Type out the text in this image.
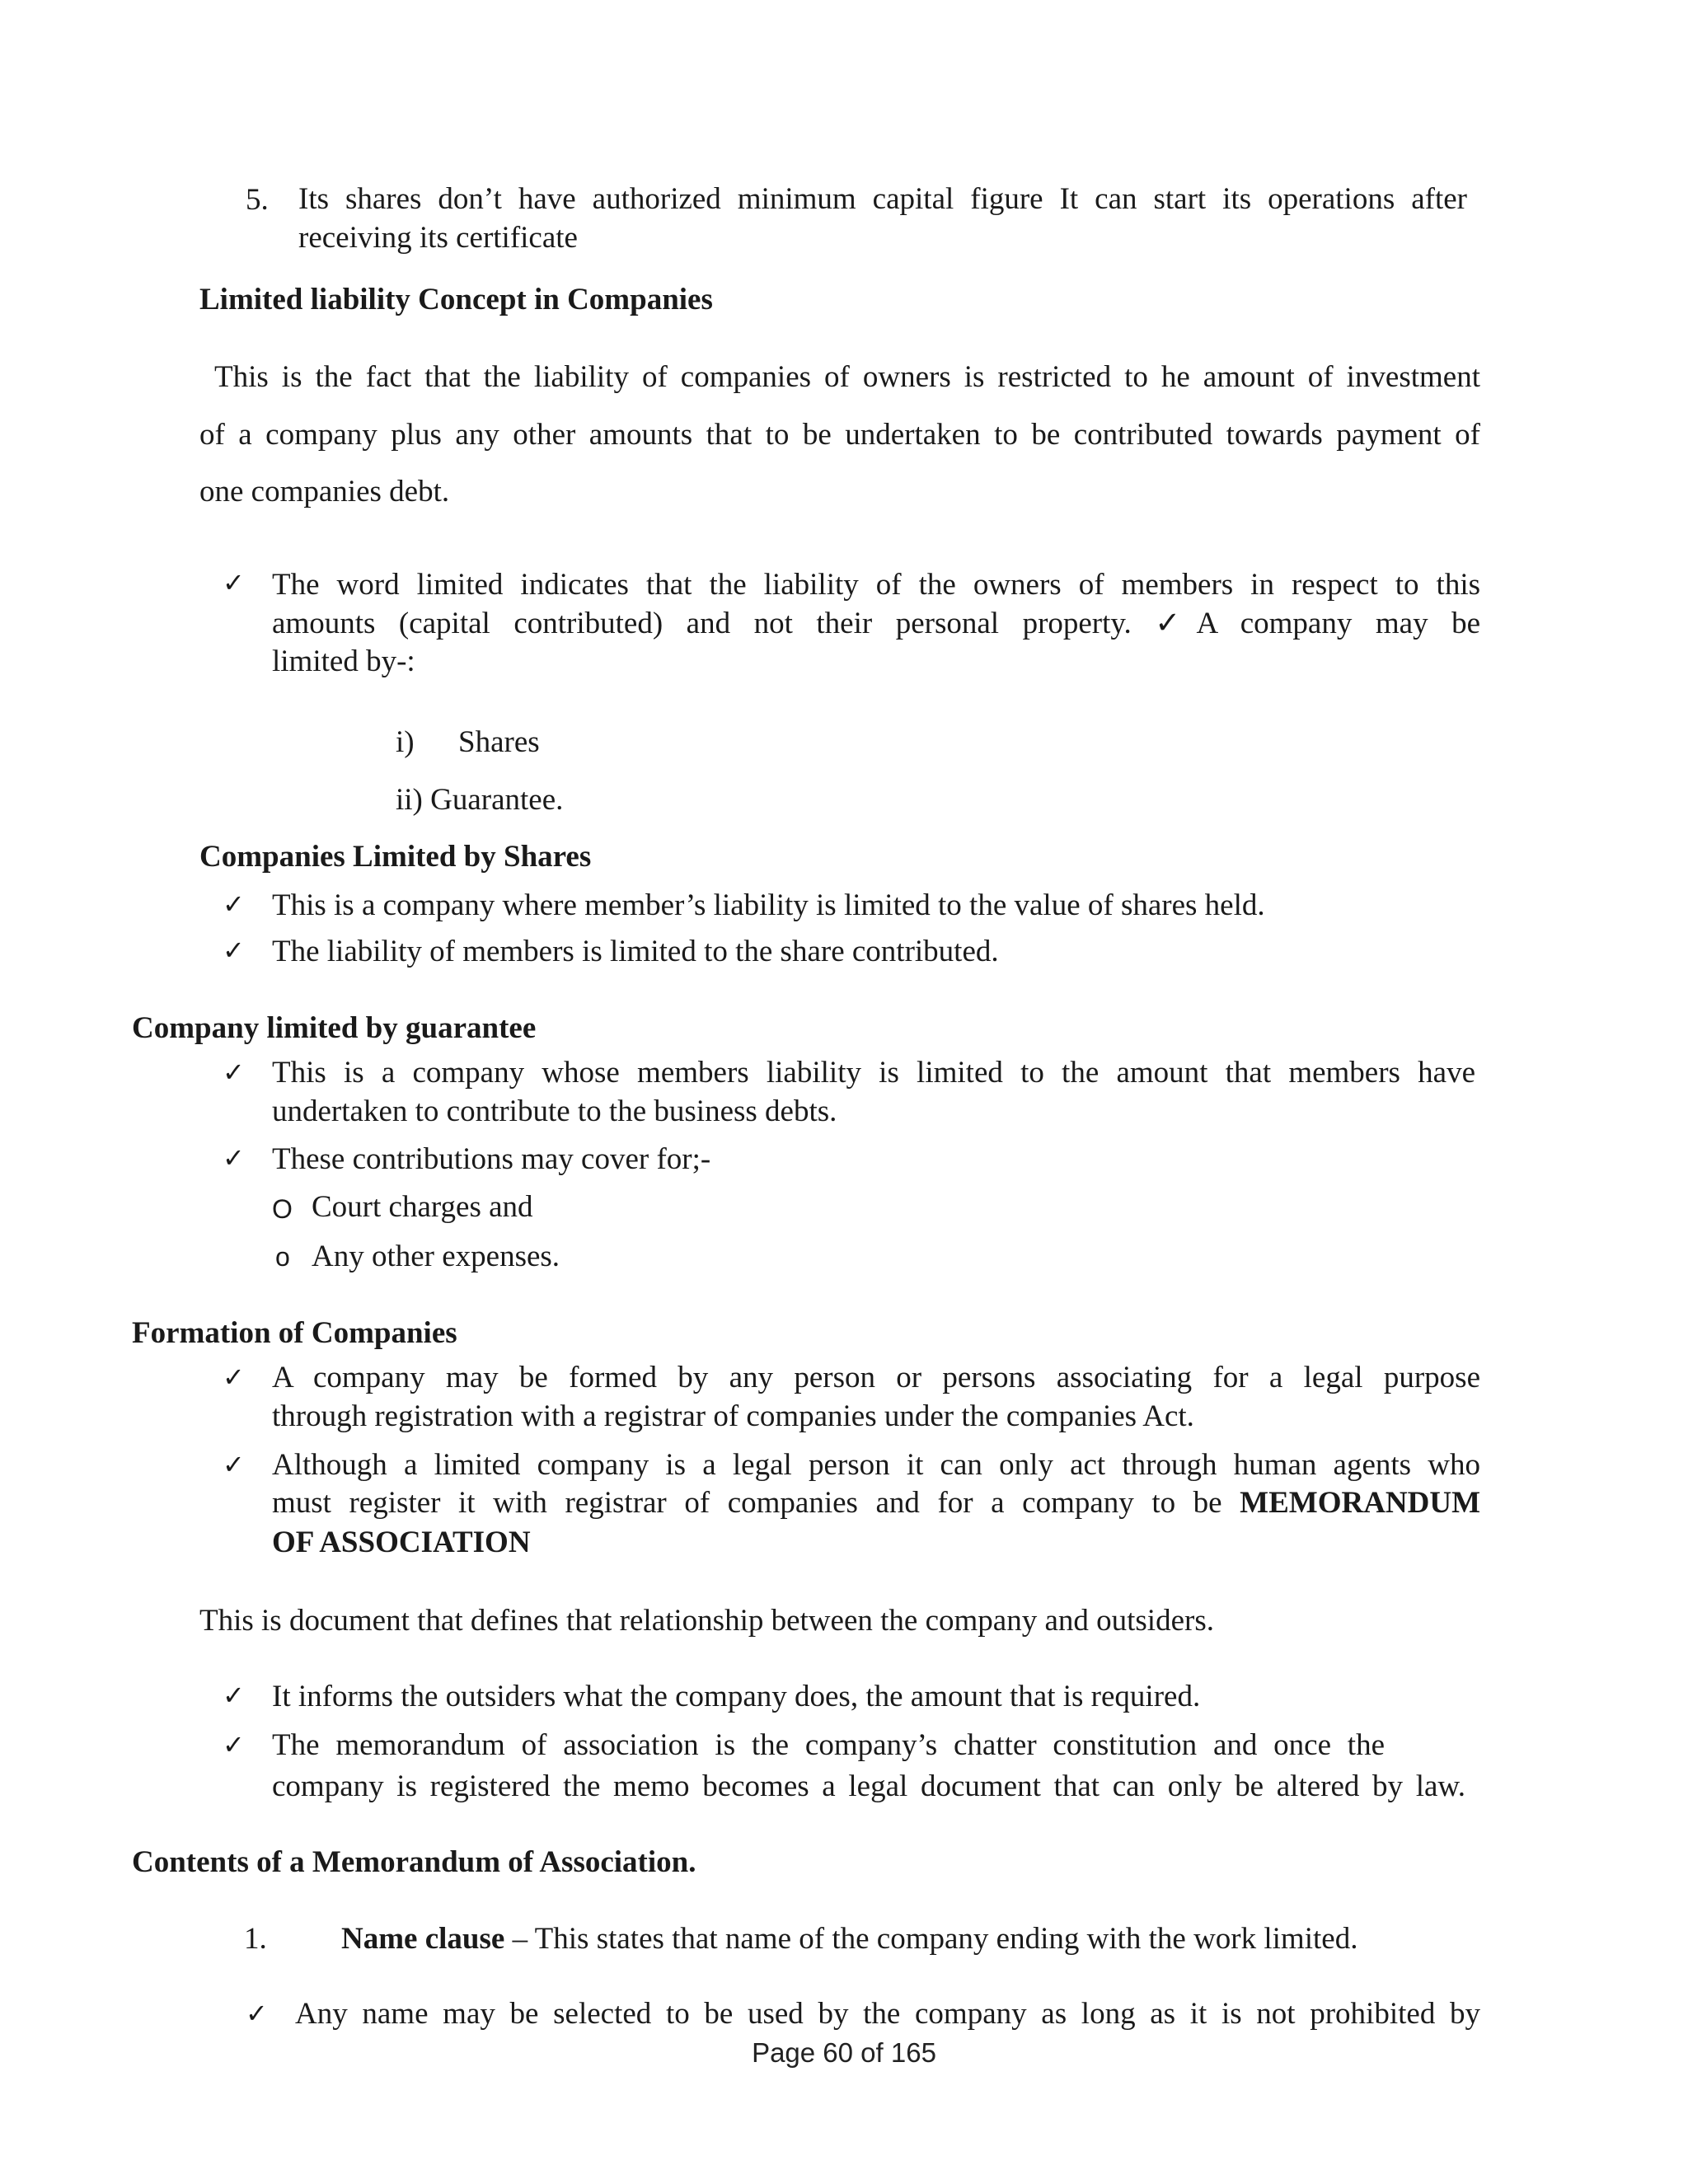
5. Its shares don’t have authorized minimum capital figure It can start its operations after
receiving its certificate
Limited liability Concept in Companies
This is the fact that the liability of companies of owners is restricted to he amount of investment
of a company plus any other amounts that to be undertaken to be contributed towards payment of
one companies debt.
✓ The word limited indicates that the liability of the owners of members in respect to this
amounts (capital contributed) and not their personal property. ✓A company may be
limited by-:
i) Shares
ii) Guarantee.
Companies Limited by Shares
✓ This is a company where member’s liability is limited to the value of shares held.
✓ The liability of members is limited to the share contributed.
Company limited by guarantee
✓ This is a company whose members liability is limited to the amount that members have
undertaken to contribute to the business debts.
✓ These contributions may cover for;-
O Court charges and
o Any other expenses.
Formation of Companies
✓ A company may be formed by any person or persons associating for a legal purpose
through registration with a registrar of companies under the companies Act.
✓ Although a limited company is a legal person it can only act through human agents who
must register it with registrar of companies and for a company to be MEMORANDUM
OF ASSOCIATION
This is document that defines that relationship between the company and outsiders.
✓ It informs the outsiders what the company does, the amount that is required.
✓ The memorandum of association is the company’s chatter constitution and once the
company is registered the memo becomes a legal document that can only be altered by law.
Contents of a Memorandum of Association.
1. Name clause – This states that name of the company ending with the work limited.
✓ Any name may be selected to be used by the company as long as it is not prohibited by
Page 60 of 165
